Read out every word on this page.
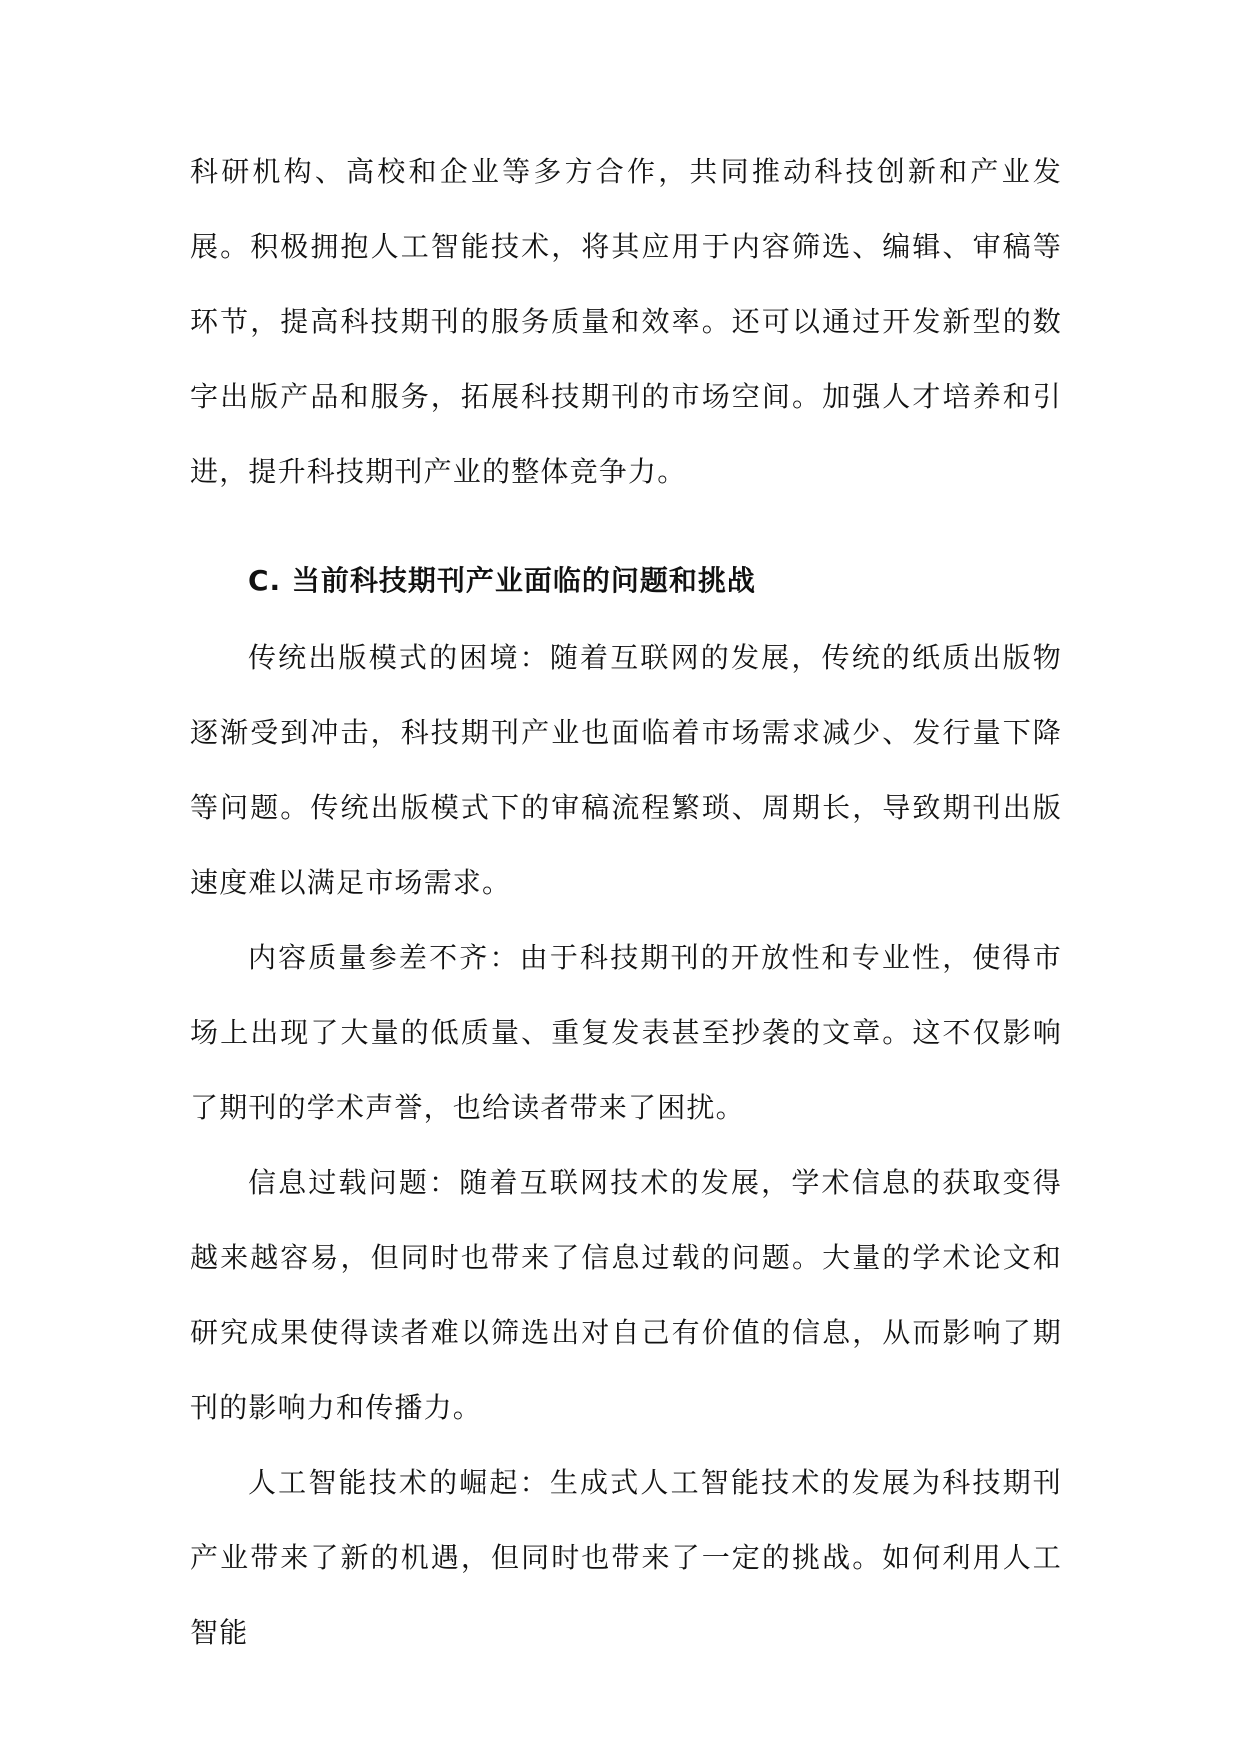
科研机构、高校和企业等多方合作，共同推动科技创新和产业发展。积极拥抱人工智能技术，将其应用于内容筛选、编辑、审稿等环节，提高科技期刊的服务质量和效率。还可以通过开发新型的数字出版产品和服务，拓展科技期刊的市场空间。加强人才培养和引进，提升科技期刊产业的整体竞争力。

C. 当前科技期刊产业面临的问题和挑战

传统出版模式的困境：随着互联网的发展，传统的纸质出版物逐渐受到冲击，科技期刊产业也面临着市场需求减少、发行量下降等问题。传统出版模式下的审稿流程繁琐、周期长，导致期刊出版速度难以满足市场需求。

内容质量参差不齐：由于科技期刊的开放性和专业性，使得市场上出现了大量的低质量、重复发表甚至抄袭的文章。这不仅影响了期刊的学术声誉，也给读者带来了困扰。

信息过载问题：随着互联网技术的发展，学术信息的获取变得越来越容易，但同时也带来了信息过载的问题。大量的学术论文和研究成果使得读者难以筛选出对自己有价值的信息，从而影响了期刊的影响力和传播力。

人工智能技术的崛起：生成式人工智能技术的发展为科技期刊产业带来了新的机遇，但同时也带来了一定的挑战。如何利用人工智能
